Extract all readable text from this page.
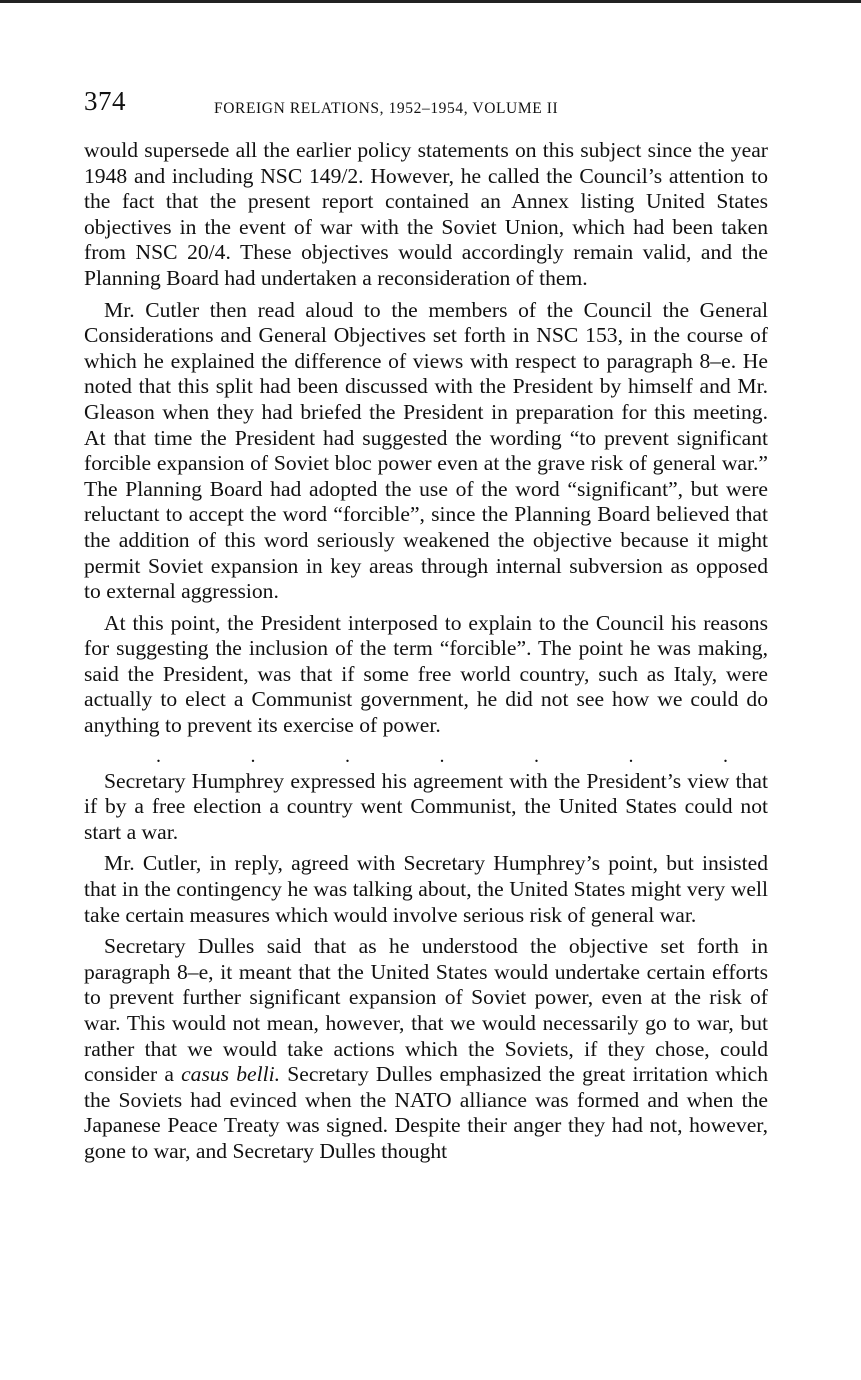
374	FOREIGN RELATIONS, 1952–1954, VOLUME II

would supersede all the earlier policy statements on this subject since the year 1948 and including NSC 149/2. However, he called the Council’s attention to the fact that the present report contained an Annex listing United States objectives in the event of war with the Soviet Union, which had been taken from NSC 20/4. These objectives would accordingly remain valid, and the Planning Board had undertaken a reconsideration of them.

Mr. Cutler then read aloud to the members of the Council the General Considerations and General Objectives set forth in NSC 153, in the course of which he explained the difference of views with respect to paragraph 8–e. He noted that this split had been discussed with the President by himself and Mr. Gleason when they had briefed the President in preparation for this meeting. At that time the President had suggested the wording “to prevent significant forcible expansion of Soviet bloc power even at the grave risk of general war.” The Planning Board had adopted the use of the word “significant”, but were reluctant to accept the word “forcible”, since the Planning Board believed that the addition of this word seriously weakened the objective because it might permit Soviet expansion in key areas through internal subversion as opposed to external aggression.

At this point, the President interposed to explain to the Council his reasons for suggesting the inclusion of the term “forcible”. The point he was making, said the President, was that if some free world country, such as Italy, were actually to elect a Communist government, he did not see how we could do anything to prevent its exercise of power.

.	.	.	.	.	.	.

Secretary Humphrey expressed his agreement with the President’s view that if by a free election a country went Communist, the United States could not start a war.

Mr. Cutler, in reply, agreed with Secretary Humphrey’s point, but insisted that in the contingency he was talking about, the United States might very well take certain measures which would involve serious risk of general war.

Secretary Dulles said that as he understood the objective set forth in paragraph 8–e, it meant that the United States would undertake certain efforts to prevent further significant expansion of Soviet power, even at the risk of war. This would not mean, however, that we would necessarily go to war, but rather that we would take actions which the Soviets, if they chose, could consider a casus belli. Secretary Dulles emphasized the great irritation which the Soviets had evinced when the NATO alliance was formed and when the Japanese Peace Treaty was signed. Despite their anger they had not, however, gone to war, and Secretary Dulles thought
